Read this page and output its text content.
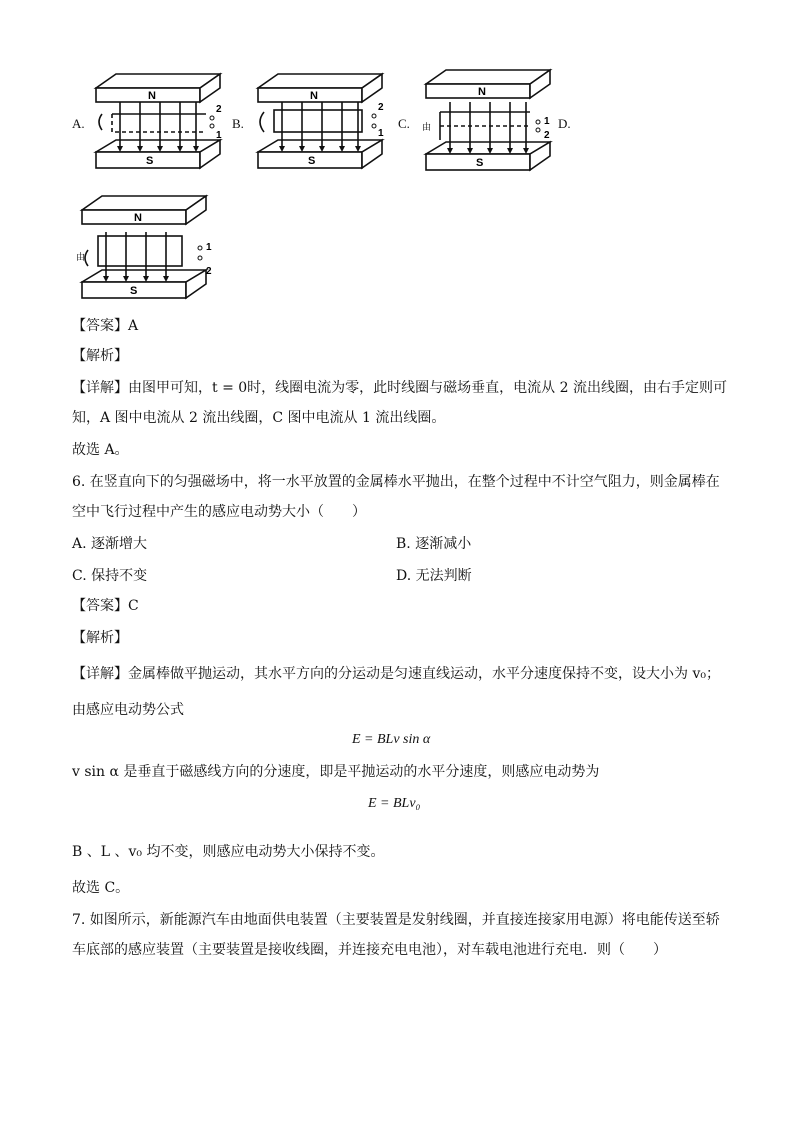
A.
N
S
2
1
B.
N
S
2
1
C.
N
S
由
1
2
D.
N
S
由
1
2
【答案】A
【解析】
【详解】由图甲可知，t = 0时，线圈电流为零，此时线圈与磁场垂直，电流从 2 流出线圈，由右手定则可
知，A 图中电流从 2 流出线圈，C 图中电流从 1 流出线圈。
故选 A。
6. 在竖直向下的匀强磁场中，将一水平放置的金属棒水平抛出，在整个过程中不计空气阻力，则金属棒在
空中飞行过程中产生的感应电动势大小（　　）
A. 逐渐增大	B. 逐渐减小
C. 保持不变	D. 无法判断
【答案】C
【解析】
【详解】金属棒做平抛运动，其水平方向的分运动是匀速直线运动，水平分速度保持不变，设大小为 v₀；
由感应电动势公式
E = BLv sin α
v sin α 是垂直于磁感线方向的分速度，即是平抛运动的水平分速度，则感应电动势为
E = BLv₀
B 、L 、v₀ 均不变，则感应电动势大小保持不变。
故选 C。
7. 如图所示，新能源汽车由地面供电装置（主要装置是发射线圈，并直接连接家用电源）将电能传送至轿
车底部的感应装置（主要装置是接收线圈，并连接充电电池），对车载电池进行充电．则（　　）
